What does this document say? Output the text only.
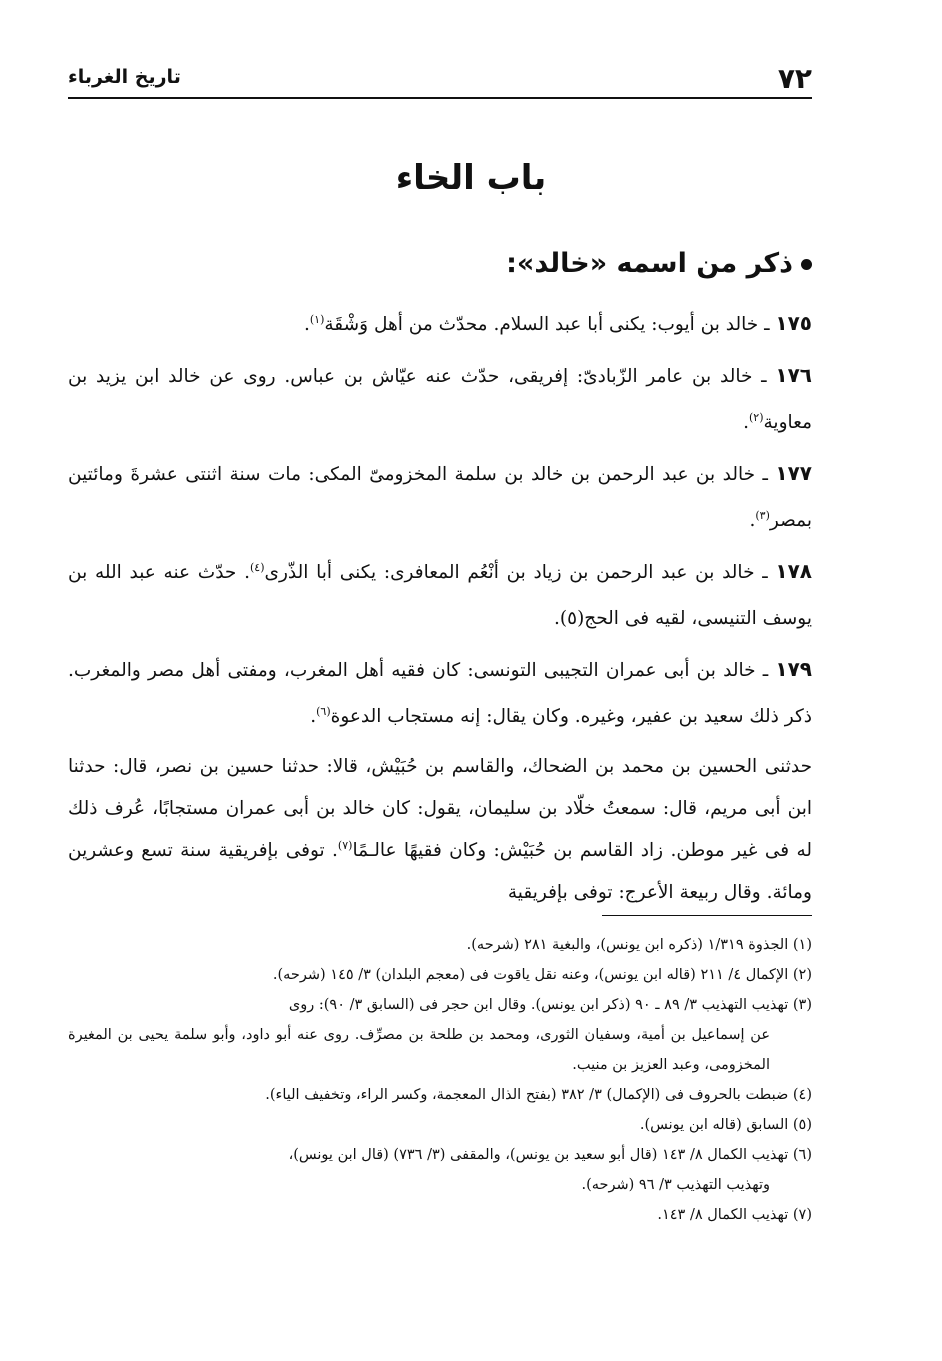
٧٢
تاريخ الغرباء
باب الخاء
ذكر من اسمه «خالد»:

١٧٥ ـ خالد بن أيوب: يكنى أبا عبد السلام. محدّث من أهل وَشْقَة$^{(١)}$.

١٧٦ ـ خالد بن عامر الزّبادىّ: إفريقى، حدّث عنه عيّاش بن عباس. روى عن خالد ابن يزيد بن معاوية$^{(٢)}$.

١٧٧ ـ خالد بن عبد الرحمن بن خالد بن سلمة المخزومىّ المكى: مات سنة اثنتى عشرةَ ومائتين بمصر$^{(٣)}$.

١٧٨ ـ خالد بن عبد الرحمن بن زياد بن أنْعُم المعافرى: يكنى أبا الذّرى$^{(٤)}$. حدّث عنه عبد الله بن يوسف التنيسى، لقيه فى الحج(٥).

١٧٩ ـ خالد بن أبى عمران التجيبى التونسى: كان فقيه أهل المغرب، ومفتى أهل مصر والمغرب. ذكر ذلك سعيد بن عفير، وغيره. وكان يقال: إنه مستجاب الدعوة$^{(٦)}$.

حدثنى الحسين بن محمد بن الضحاك، والقاسم بن حُبَيْش، قالا: حدثنا حسين بن نصر، قال: حدثنا ابن أبى مريم، قال: سمعتُ خلّاد بن سليمان، يقول: كان خالد بن أبى عمران مستجابًا، عُرف ذلك له فى غير موطن. زاد القاسم بن حُبَيْش: وكان فقيهًا عالـمًا$^{(٧)}$. توفى بإفريقية سنة تسع وعشرين ومائة. وقال ربيعة الأعرج: توفى بإفريقية

(١) الجذوة ١/٣١٩ (ذكره ابن يونس)، والبغية ٢٨١ (شرحه).
(٢) الإكمال ٤/ ٢١١ (قاله ابن يونس)، وعنه نقل ياقوت فى (معجم البلدان) ٣/ ١٤٥ (شرحه).
(٣) تهذيب التهذيب ٣/ ٨٩ ـ ٩٠ (ذكر ابن يونس). وقال ابن حجر فى (السابق ٣/ ٩٠): روى
عن إسماعيل بن أمية، وسفيان الثورى، ومحمد بن طلحة بن مصرِّف. روى عنه أبو داود، وأبو سلمة يحيى بن المغيرة المخزومى، وعبد العزيز بن منيب.
(٤) ضبطت بالحروف فى (الإكمال) ٣/ ٣٨٢ (بفتح الذال المعجمة، وكسر الراء، وتخفيف الياء).
(٥) السابق (قاله ابن يونس).
(٦) تهذيب الكمال ٨/ ١٤٣ (قال أبو سعيد بن يونس)، والمقفى (٣/ ٧٣٦) (قال ابن يونس)،
وتهذيب التهذيب ٣/ ٩٦ (شرحه).
(٧) تهذيب الكمال ٨/ ١٤٣.
